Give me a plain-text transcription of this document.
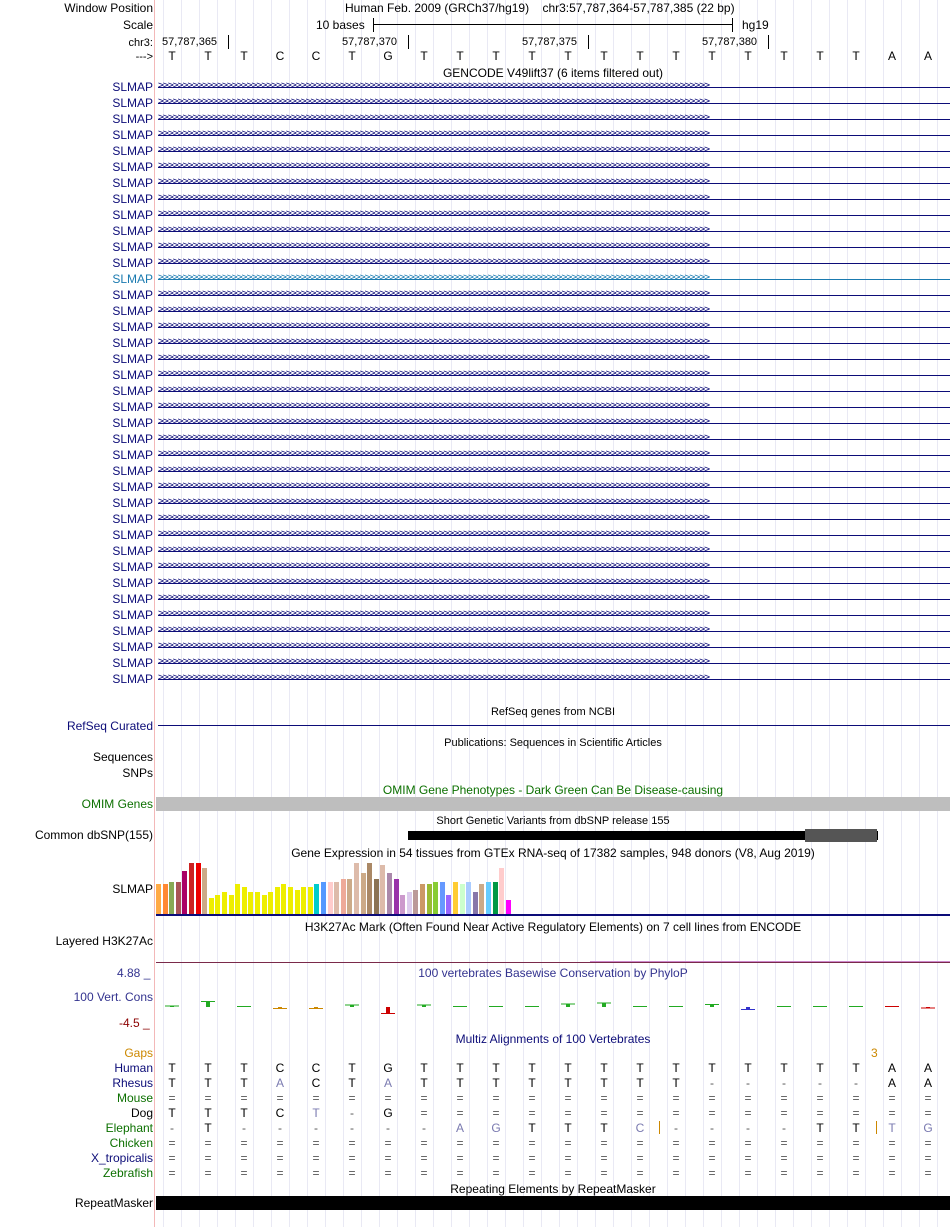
Window Position
Scale
chr3:
--->
Human Feb. 2009 (GRCh37/hg19) chr3:57,787,364-57,787,385 (22 bp)
10 bases	hg19
57,787,365	57,787,370	57,787,375	57,787,380
T	T	T	C	C	T	G	T	T	T	T	T	T	T	T	T	T	T	T	T	A	A
GENCODE V49lift37 (6 items filtered out)
SLMAP >>>>>>>>>>>>>>>>>>>>>>>>>>>>>>>>>>>>>>>>>>>>>>>>>>>>>>>>>>>>>>>>>>>>>>>>>>>>>>>>>>>>>>>>>>>>>>>>>>>>>>>>>>>>>>>>
SLMAP >>>>>>>>>>>>>>>>>>>>>>>>>>>>>>>>>>>>>>>>>>>>>>>>>>>>>>>>>>>>>>>>>>>>>>>>>>>>>>>>>>>>>>>>>>>>>>>>>>>>>>>>>>>>>>>>
SLMAP >>>>>>>>>>>>>>>>>>>>>>>>>>>>>>>>>>>>>>>>>>>>>>>>>>>>>>>>>>>>>>>>>>>>>>>>>>>>>>>>>>>>>>>>>>>>>>>>>>>>>>>>>>>>>>>>
SLMAP >>>>>>>>>>>>>>>>>>>>>>>>>>>>>>>>>>>>>>>>>>>>>>>>>>>>>>>>>>>>>>>>>>>>>>>>>>>>>>>>>>>>>>>>>>>>>>>>>>>>>>>>>>>>>>>>
SLMAP >>>>>>>>>>>>>>>>>>>>>>>>>>>>>>>>>>>>>>>>>>>>>>>>>>>>>>>>>>>>>>>>>>>>>>>>>>>>>>>>>>>>>>>>>>>>>>>>>>>>>>>>>>>>>>>>
SLMAP >>>>>>>>>>>>>>>>>>>>>>>>>>>>>>>>>>>>>>>>>>>>>>>>>>>>>>>>>>>>>>>>>>>>>>>>>>>>>>>>>>>>>>>>>>>>>>>>>>>>>>>>>>>>>>>>
SLMAP >>>>>>>>>>>>>>>>>>>>>>>>>>>>>>>>>>>>>>>>>>>>>>>>>>>>>>>>>>>>>>>>>>>>>>>>>>>>>>>>>>>>>>>>>>>>>>>>>>>>>>>>>>>>>>>>
SLMAP >>>>>>>>>>>>>>>>>>>>>>>>>>>>>>>>>>>>>>>>>>>>>>>>>>>>>>>>>>>>>>>>>>>>>>>>>>>>>>>>>>>>>>>>>>>>>>>>>>>>>>>>>>>>>>>>
SLMAP >>>>>>>>>>>>>>>>>>>>>>>>>>>>>>>>>>>>>>>>>>>>>>>>>>>>>>>>>>>>>>>>>>>>>>>>>>>>>>>>>>>>>>>>>>>>>>>>>>>>>>>>>>>>>>>>
SLMAP >>>>>>>>>>>>>>>>>>>>>>>>>>>>>>>>>>>>>>>>>>>>>>>>>>>>>>>>>>>>>>>>>>>>>>>>>>>>>>>>>>>>>>>>>>>>>>>>>>>>>>>>>>>>>>>>
SLMAP >>>>>>>>>>>>>>>>>>>>>>>>>>>>>>>>>>>>>>>>>>>>>>>>>>>>>>>>>>>>>>>>>>>>>>>>>>>>>>>>>>>>>>>>>>>>>>>>>>>>>>>>>>>>>>>>
SLMAP >>>>>>>>>>>>>>>>>>>>>>>>>>>>>>>>>>>>>>>>>>>>>>>>>>>>>>>>>>>>>>>>>>>>>>>>>>>>>>>>>>>>>>>>>>>>>>>>>>>>>>>>>>>>>>>>
SLMAP >>>>>>>>>>>>>>>>>>>>>>>>>>>>>>>>>>>>>>>>>>>>>>>>>>>>>>>>>>>>>>>>>>>>>>>>>>>>>>>>>>>>>>>>>>>>>>>>>>>>>>>>>>>>>>>>
SLMAP >>>>>>>>>>>>>>>>>>>>>>>>>>>>>>>>>>>>>>>>>>>>>>>>>>>>>>>>>>>>>>>>>>>>>>>>>>>>>>>>>>>>>>>>>>>>>>>>>>>>>>>>>>>>>>>>
SLMAP >>>>>>>>>>>>>>>>>>>>>>>>>>>>>>>>>>>>>>>>>>>>>>>>>>>>>>>>>>>>>>>>>>>>>>>>>>>>>>>>>>>>>>>>>>>>>>>>>>>>>>>>>>>>>>>>
SLMAP >>>>>>>>>>>>>>>>>>>>>>>>>>>>>>>>>>>>>>>>>>>>>>>>>>>>>>>>>>>>>>>>>>>>>>>>>>>>>>>>>>>>>>>>>>>>>>>>>>>>>>>>>>>>>>>>
SLMAP >>>>>>>>>>>>>>>>>>>>>>>>>>>>>>>>>>>>>>>>>>>>>>>>>>>>>>>>>>>>>>>>>>>>>>>>>>>>>>>>>>>>>>>>>>>>>>>>>>>>>>>>>>>>>>>>
SLMAP >>>>>>>>>>>>>>>>>>>>>>>>>>>>>>>>>>>>>>>>>>>>>>>>>>>>>>>>>>>>>>>>>>>>>>>>>>>>>>>>>>>>>>>>>>>>>>>>>>>>>>>>>>>>>>>>
SLMAP >>>>>>>>>>>>>>>>>>>>>>>>>>>>>>>>>>>>>>>>>>>>>>>>>>>>>>>>>>>>>>>>>>>>>>>>>>>>>>>>>>>>>>>>>>>>>>>>>>>>>>>>>>>>>>>>
SLMAP >>>>>>>>>>>>>>>>>>>>>>>>>>>>>>>>>>>>>>>>>>>>>>>>>>>>>>>>>>>>>>>>>>>>>>>>>>>>>>>>>>>>>>>>>>>>>>>>>>>>>>>>>>>>>>>>
SLMAP >>>>>>>>>>>>>>>>>>>>>>>>>>>>>>>>>>>>>>>>>>>>>>>>>>>>>>>>>>>>>>>>>>>>>>>>>>>>>>>>>>>>>>>>>>>>>>>>>>>>>>>>>>>>>>>>
SLMAP >>>>>>>>>>>>>>>>>>>>>>>>>>>>>>>>>>>>>>>>>>>>>>>>>>>>>>>>>>>>>>>>>>>>>>>>>>>>>>>>>>>>>>>>>>>>>>>>>>>>>>>>>>>>>>>>
SLMAP >>>>>>>>>>>>>>>>>>>>>>>>>>>>>>>>>>>>>>>>>>>>>>>>>>>>>>>>>>>>>>>>>>>>>>>>>>>>>>>>>>>>>>>>>>>>>>>>>>>>>>>>>>>>>>>>
SLMAP >>>>>>>>>>>>>>>>>>>>>>>>>>>>>>>>>>>>>>>>>>>>>>>>>>>>>>>>>>>>>>>>>>>>>>>>>>>>>>>>>>>>>>>>>>>>>>>>>>>>>>>>>>>>>>>>
SLMAP >>>>>>>>>>>>>>>>>>>>>>>>>>>>>>>>>>>>>>>>>>>>>>>>>>>>>>>>>>>>>>>>>>>>>>>>>>>>>>>>>>>>>>>>>>>>>>>>>>>>>>>>>>>>>>>>
SLMAP >>>>>>>>>>>>>>>>>>>>>>>>>>>>>>>>>>>>>>>>>>>>>>>>>>>>>>>>>>>>>>>>>>>>>>>>>>>>>>>>>>>>>>>>>>>>>>>>>>>>>>>>>>>>>>>>
SLMAP >>>>>>>>>>>>>>>>>>>>>>>>>>>>>>>>>>>>>>>>>>>>>>>>>>>>>>>>>>>>>>>>>>>>>>>>>>>>>>>>>>>>>>>>>>>>>>>>>>>>>>>>>>>>>>>>
SLMAP >>>>>>>>>>>>>>>>>>>>>>>>>>>>>>>>>>>>>>>>>>>>>>>>>>>>>>>>>>>>>>>>>>>>>>>>>>>>>>>>>>>>>>>>>>>>>>>>>>>>>>>>>>>>>>>>
SLMAP >>>>>>>>>>>>>>>>>>>>>>>>>>>>>>>>>>>>>>>>>>>>>>>>>>>>>>>>>>>>>>>>>>>>>>>>>>>>>>>>>>>>>>>>>>>>>>>>>>>>>>>>>>>>>>>>
SLMAP >>>>>>>>>>>>>>>>>>>>>>>>>>>>>>>>>>>>>>>>>>>>>>>>>>>>>>>>>>>>>>>>>>>>>>>>>>>>>>>>>>>>>>>>>>>>>>>>>>>>>>>>>>>>>>>>
SLMAP >>>>>>>>>>>>>>>>>>>>>>>>>>>>>>>>>>>>>>>>>>>>>>>>>>>>>>>>>>>>>>>>>>>>>>>>>>>>>>>>>>>>>>>>>>>>>>>>>>>>>>>>>>>>>>>>
SLMAP >>>>>>>>>>>>>>>>>>>>>>>>>>>>>>>>>>>>>>>>>>>>>>>>>>>>>>>>>>>>>>>>>>>>>>>>>>>>>>>>>>>>>>>>>>>>>>>>>>>>>>>>>>>>>>>>
SLMAP >>>>>>>>>>>>>>>>>>>>>>>>>>>>>>>>>>>>>>>>>>>>>>>>>>>>>>>>>>>>>>>>>>>>>>>>>>>>>>>>>>>>>>>>>>>>>>>>>>>>>>>>>>>>>>>>
SLMAP >>>>>>>>>>>>>>>>>>>>>>>>>>>>>>>>>>>>>>>>>>>>>>>>>>>>>>>>>>>>>>>>>>>>>>>>>>>>>>>>>>>>>>>>>>>>>>>>>>>>>>>>>>>>>>>>
SLMAP >>>>>>>>>>>>>>>>>>>>>>>>>>>>>>>>>>>>>>>>>>>>>>>>>>>>>>>>>>>>>>>>>>>>>>>>>>>>>>>>>>>>>>>>>>>>>>>>>>>>>>>>>>>>>>>>
SLMAP >>>>>>>>>>>>>>>>>>>>>>>>>>>>>>>>>>>>>>>>>>>>>>>>>>>>>>>>>>>>>>>>>>>>>>>>>>>>>>>>>>>>>>>>>>>>>>>>>>>>>>>>>>>>>>>>
SLMAP >>>>>>>>>>>>>>>>>>>>>>>>>>>>>>>>>>>>>>>>>>>>>>>>>>>>>>>>>>>>>>>>>>>>>>>>>>>>>>>>>>>>>>>>>>>>>>>>>>>>>>>>>>>>>>>>
SLMAP >>>>>>>>>>>>>>>>>>>>>>>>>>>>>>>>>>>>>>>>>>>>>>>>>>>>>>>>>>>>>>>>>>>>>>>>>>>>>>>>>>>>>>>>>>>>>>>>>>>>>>>>>>>>>>>>
RefSeq genes from NCBI
RefSeq Curated
Publications: Sequences in Scientific Articles
Sequences
SNPs
OMIM Gene Phenotypes - Dark Green Can Be Disease-causing
OMIM Genes
Short Genetic Variants from dbSNP release 155
Common dbSNP(155)
Gene Expression in 54 tissues from GTEx RNA-seq of 17382 samples, 948 donors (V8, Aug 2019)
SLMAP
H3K27Ac Mark (Often Found Near Active Regulatory Elements) on 7 cell lines from ENCODE
Layered H3K27Ac
100 vertebrates Basewise Conservation by PhyloP
100 Vert. Cons
4.88 _
-4.5 _
Multiz Alignments of 100 Vertebrates
Gaps	3
Human	T	T	T	C	C	T	G	T	T	T	T	T	T	T	T	T	T	T	T	T	A	A
Rhesus	T	T	T	A	C	T	A	T	T	T	T	T	T	T	T	-	-	-	-	-	A	A
Mouse	=	=	=	=	=	=	=	=	=	=	=	=	=	=	=	=	=	=	=	=	=	=
Dog	T	T	T	C	T	-	G	=	=	=	=	=	=	=	=	=	=	=	=	=	=	=
Elephant	-	T	-	-	-	-	-	-	A	G	T	T	T	C	-	-	-	-	T	T	T	G
Chicken	=	=	=	=	=	=	=	=	=	=	=	=	=	=	=	=	=	=	=	=	=	=
X_tropicalis	=	=	=	=	=	=	=	=	=	=	=	=	=	=	=	=	=	=	=	=	=	=
Zebrafish	=	=	=	=	=	=	=	=	=	=	=	=	=	=	=	=	=	=	=	=	=	=
Repeating Elements by RepeatMasker
RepeatMasker
